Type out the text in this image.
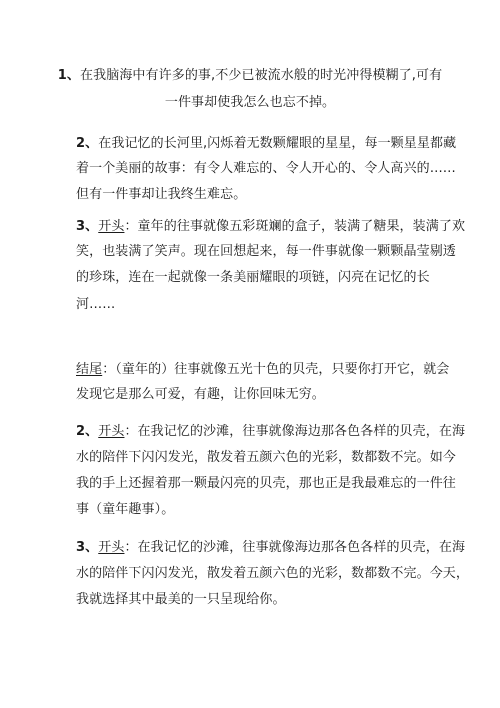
1、在我脑海中有许多的事,不少已被流水般的时光冲得模糊了,可有
一件事却使我怎么也忘不掉。
2、在我记忆的长河里,闪烁着无数颗耀眼的星星，每一颗星星都藏
着一个美丽的故事：有令人难忘的、令人开心的、令人高兴的……
但有一件事却让我终生难忘。
3、开头：童年的往事就像五彩斑斓的盒子，装满了糖果，装满了欢
笑，也装满了笑声。现在回想起来，每一件事就像一颗颗晶莹剔透
的珍珠，连在一起就像一条美丽耀眼的项链，闪亮在记忆的长
河……
结尾：（童年的）往事就像五光十色的贝壳，只要你打开它，就会
发现它是那么可爱，有趣，让你回味无穷。
2、开头：在我记忆的沙滩，往事就像海边那各色各样的贝壳，在海
水的陪伴下闪闪发光，散发着五颜六色的光彩，数都数不完。如今
我的手上还握着那一颗最闪亮的贝壳，那也正是我最难忘的一件往
事（童年趣事）。
3、开头：在我记忆的沙滩，往事就像海边那各色各样的贝壳，在海
水的陪伴下闪闪发光，散发着五颜六色的光彩，数都数不完。今天，
我就选择其中最美的一只呈现给你。
